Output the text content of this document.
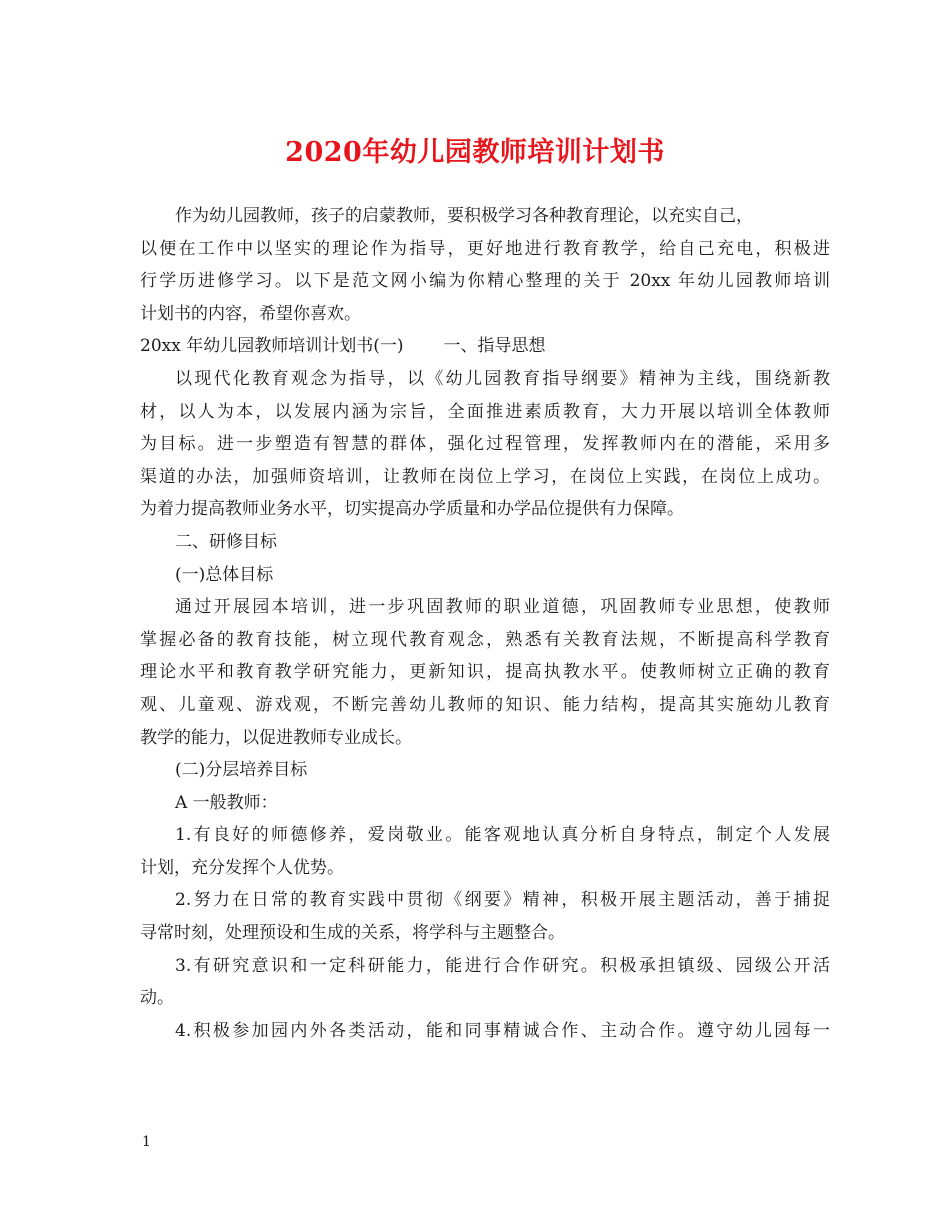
2020年幼儿园教师培训计划书
作为幼儿园教师，孩子的启蒙教师，要积极学习各种教育理论，以充实自己，
以便在工作中以坚实的理论作为指导，更好地进行教育教学，给自己充电，积极进
行学历进修学习。以下是范文网小编为你精心整理的关于 20xx 年幼儿园教师培训
计划书的内容，希望你喜欢。
20xx 年幼儿园教师培训计划书(一) 一、指导思想
以现代化教育观念为指导，以《幼儿园教育指导纲要》精神为主线，围绕新教
材，以人为本，以发展内涵为宗旨，全面推进素质教育，大力开展以培训全体教师
为目标。进一步塑造有智慧的群体，强化过程管理，发挥教师内在的潜能，采用多
渠道的办法，加强师资培训，让教师在岗位上学习，在岗位上实践，在岗位上成功。
为着力提高教师业务水平，切实提高办学质量和办学品位提供有力保障。
二、研修目标
(一)总体目标
通过开展园本培训，进一步巩固教师的职业道德，巩固教师专业思想，使教师
掌握必备的教育技能，树立现代教育观念，熟悉有关教育法规，不断提高科学教育
理论水平和教育教学研究能力，更新知识，提高执教水平。使教师树立正确的教育
观、儿童观、游戏观，不断完善幼儿教师的知识、能力结构，提高其实施幼儿教育
教学的能力，以促进教师专业成长。
(二)分层培养目标
A 一般教师：
1.有良好的师德修养，爱岗敬业。能客观地认真分析自身特点，制定个人发展
计划，充分发挥个人优势。
2.努力在日常的教育实践中贯彻《纲要》精神，积极开展主题活动，善于捕捉
寻常时刻，处理预设和生成的关系，将学科与主题整合。
3.有研究意识和一定科研能力，能进行合作研究。积极承担镇级、园级公开活
动。
4.积极参加园内外各类活动，能和同事精诚合作、主动合作。遵守幼儿园每一
1
